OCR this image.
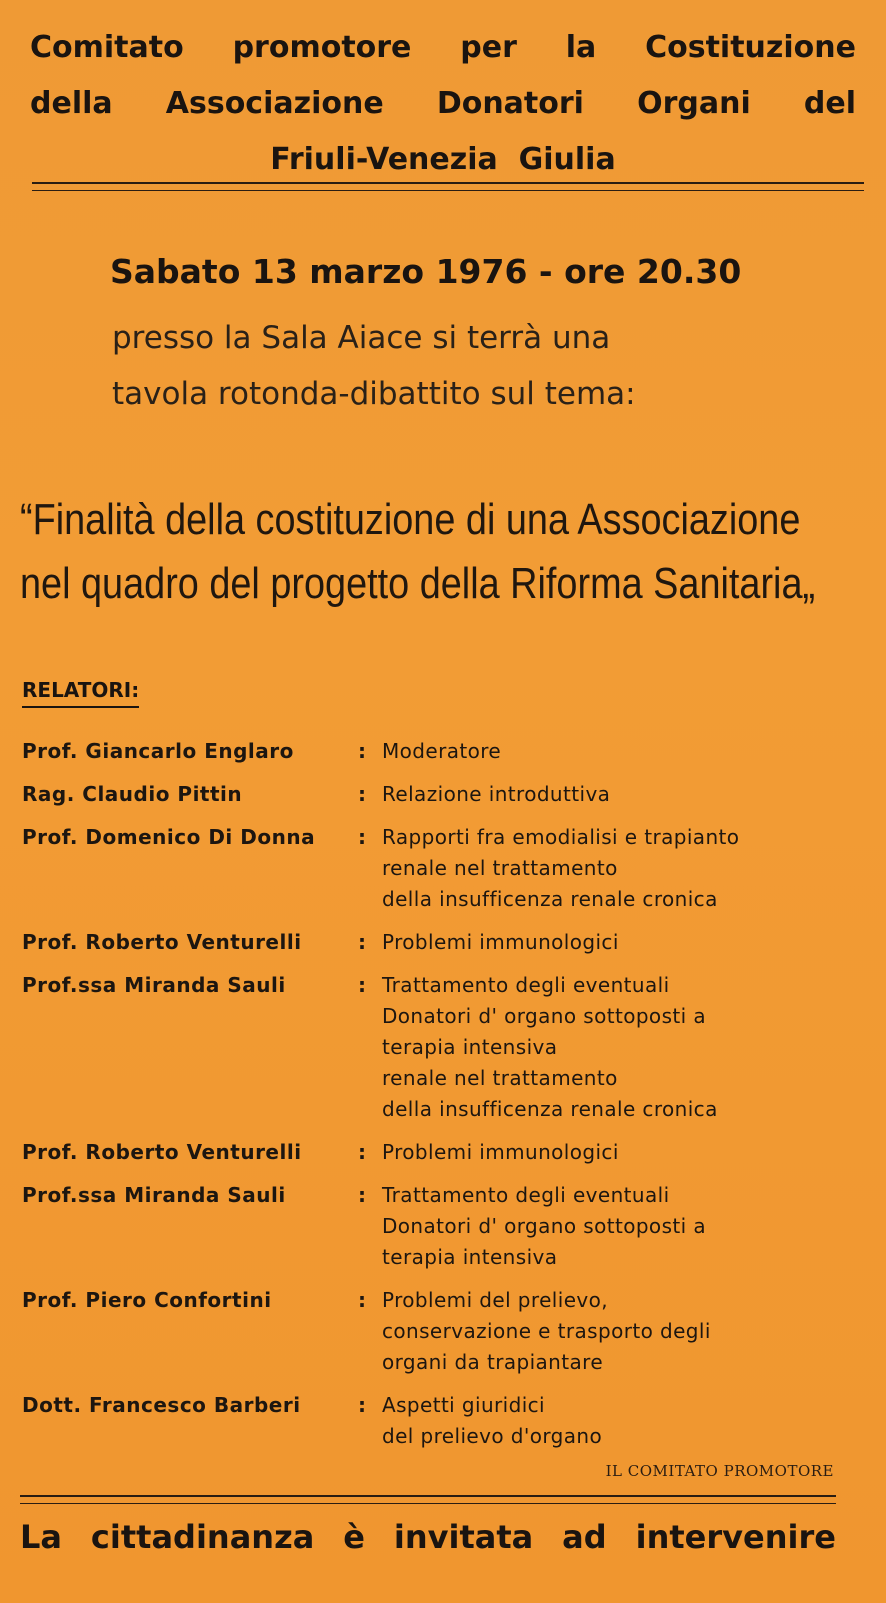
Comitato promotore per la Costituzione
della Associazione Donatori Organi del
Friuli-Venezia  Giulia
Sabato 13 marzo 1976 - ore 20.30
presso la Sala Aiace si terrà una
tavola rotonda-dibattito sul tema:
“Finalità della costituzione di una Associazione
nel quadro del progetto della Riforma Sanitaria„
RELATORI:
Prof. Giancarlo Englaro	: Moderatore
Rag. Claudio Pittin	: Relazione introduttiva
Prof. Domenico Di Donna	: Rapporti fra emodialisi e trapianto
renale nel trattamento
della insufficenza renale cronica
Prof. Roberto Venturelli	: Problemi immunologici
Prof.ssa Miranda Sauli	: Trattamento degli eventuali
Donatori d' organo sottoposti a
terapia intensiva
renale nel trattamento
della insufficenza renale cronica
Prof. Roberto Venturelli	: Problemi immunologici
Prof.ssa Miranda Sauli	: Trattamento degli eventuali
Donatori d' organo sottoposti a
terapia intensiva
Prof. Piero Confortini	: Problemi del prelievo,
conservazione e trasporto degli
organi da trapiantare
Dott. Francesco Barberi	: Aspetti giuridici
del prelievo d'organo
IL COMITATO PROMOTORE
La cittadinanza è invitata ad intervenire
